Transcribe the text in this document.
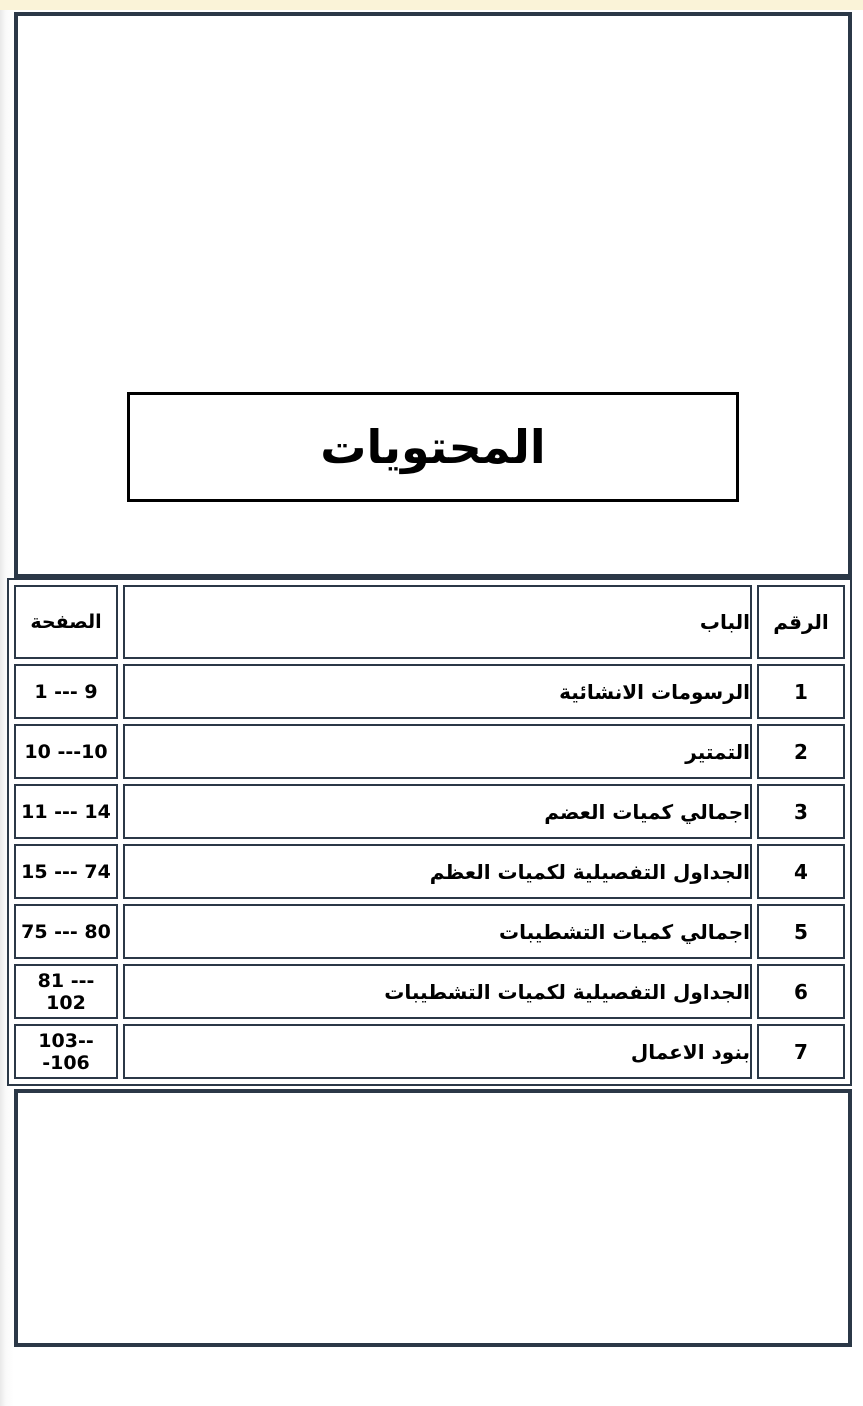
المحتويات
الرقم	الباب	الصفحة
1	الرسومات الانشائية	1 --- 9
2	التمتير	10 ---10
3	اجمالي كميات العضم	11 --- 14
4	الجداول التفصيلية لكميات العظم	15 --- 74
5	اجمالي كميات التشطيبات	75 --- 80
6	الجداول التفصيلية لكميات التشطيبات	81 --- 102
7	بنود الاعمال	103---106
